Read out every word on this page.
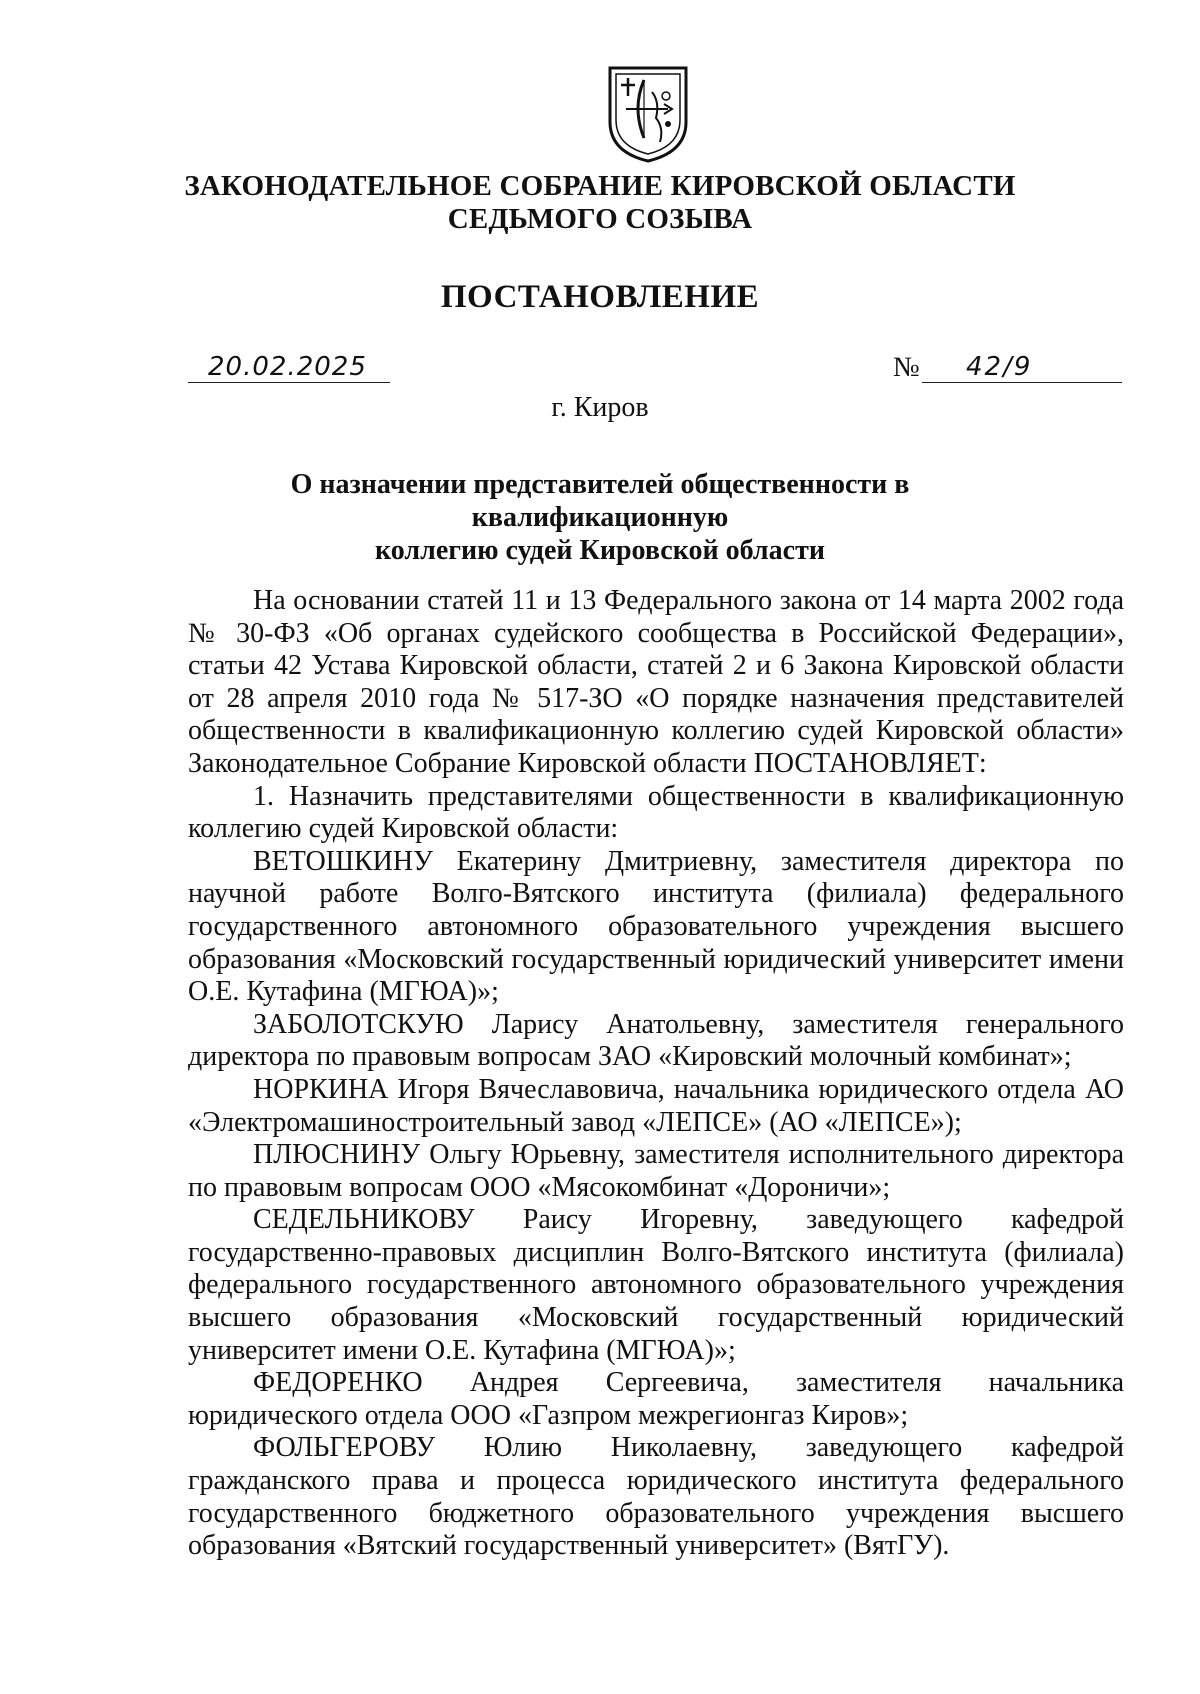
ЗАКОНОДАТЕЛЬНОЕ СОБРАНИЕ КИРОВСКОЙ ОБЛАСТИ
СЕДЬМОГО СОЗЫВА
ПОСТАНОВЛЕНИЕ
20.02.2025	№ 42/9
г. Киров
О назначении представителей общественности в квалификационную
коллегию судей Кировской области

На основании статей 11 и 13 Федерального закона от 14 марта 2002 года № 30-ФЗ «Об органах судейского сообщества в Российской Федерации», статьи 42 Устава Кировской области, статей 2 и 6 Закона Кировской области от 28 апреля 2010 года № 517-ЗО «О порядке назначения представителей общественности в квалификационную коллегию судей Кировской области» Законодательное Собрание Кировской области ПОСТАНОВЛЯЕТ:

1. Назначить представителями общественности в квалификационную коллегию судей Кировской области:

ВЕТОШКИНУ Екатерину Дмитриевну, заместителя директора по научной работе Волго-Вятского института (филиала) федерального государственного автономного образовательного учреждения высшего образования «Московский государственный юридический университет имени О.Е. Кутафина (МГЮА)»;

ЗАБОЛОТСКУЮ Ларису Анатольевну, заместителя генерального директора по правовым вопросам ЗАО «Кировский молочный комбинат»;

НОРКИНА Игоря Вячеславовича, начальника юридического отдела АО «Электромашиностроительный завод «ЛЕПСЕ» (АО «ЛЕПСЕ»);

ПЛЮСНИНУ Ольгу Юрьевну, заместителя исполнительного директора по правовым вопросам ООО «Мясокомбинат «Дороничи»;

СЕДЕЛЬНИКОВУ Раису Игоревну, заведующего кафедрой государственно-правовых дисциплин Волго-Вятского института (филиала) федерального государственного автономного образовательного учреждения высшего образования «Московский государственный юридический университет имени О.Е. Кутафина (МГЮА)»;

ФЕДОРЕНКО Андрея Сергеевича, заместителя начальника юридического отдела ООО «Газпром межрегионгаз Киров»;

ФОЛЬГЕРОВУ Юлию Николаевну, заведующего кафедрой гражданского права и процесса юридического института федерального государственного бюджетного образовательного учреждения высшего образования «Вятский государственный университет» (ВятГУ).
